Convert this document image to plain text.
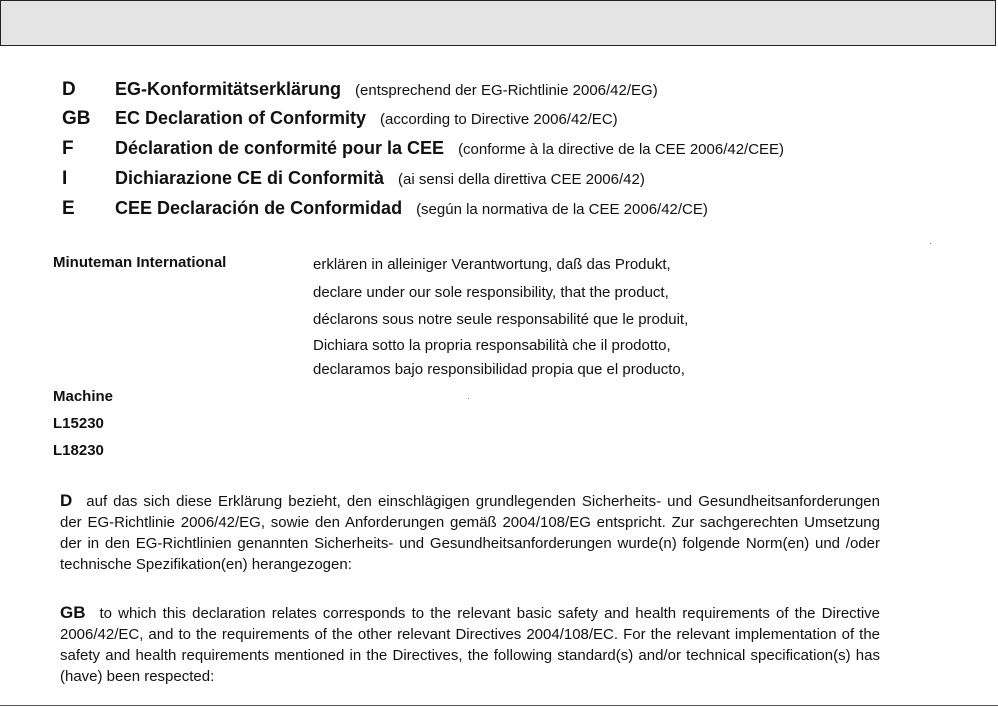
D	EG-Konformitätserklärung (entsprechend der EG-Richtlinie 2006/42/EG)
GB	EC Declaration of Conformity (according to Directive 2006/42/EC)
F	Déclaration de conformité pour la CEE (conforme à la directive de la CEE 2006/42/CEE)
I	Dichiarazione CE di Conformità (ai sensi della direttiva CEE 2006/42)
E	CEE Declaración de Conformidad (según la normativa de la CEE 2006/42/CE)
Minuteman International	erklären in alleiniger Verantwortung, daß das Produkt,
declare under our sole responsibility, that the product,
déclarons sous notre seule responsabilité que le produit,
Dichiara sotto la propria responsabilità che il prodotto,
declaramos bajo responsibilidad propia que el producto,
Machine
L15230
L18230

D auf das sich diese Erklärung bezieht, den einschlägigen grundlegenden Sicherheits- und Gesundheitsanforderungen der EG-Richtlinie 2006/42/EG, sowie den Anforderungen gemäß 2004/108/EG entspricht. Zur sachgerechten Umsetzung der in den EG-Richtlinien genannten Sicherheits- und Gesundheitsanforderungen wurde(n) folgende Norm(en) und /oder technische Spezifikation(en) herangezogen:

GB to which this declaration relates corresponds to the relevant basic safety and health requirements of the Directive 2006/42/EC, and to the requirements of the other relevant Directives 2004/108/EC. For the relevant implementation of the safety and health requirements mentioned in the Directives, the following standard(s) and/or technical specification(s) has (have) been respected:
